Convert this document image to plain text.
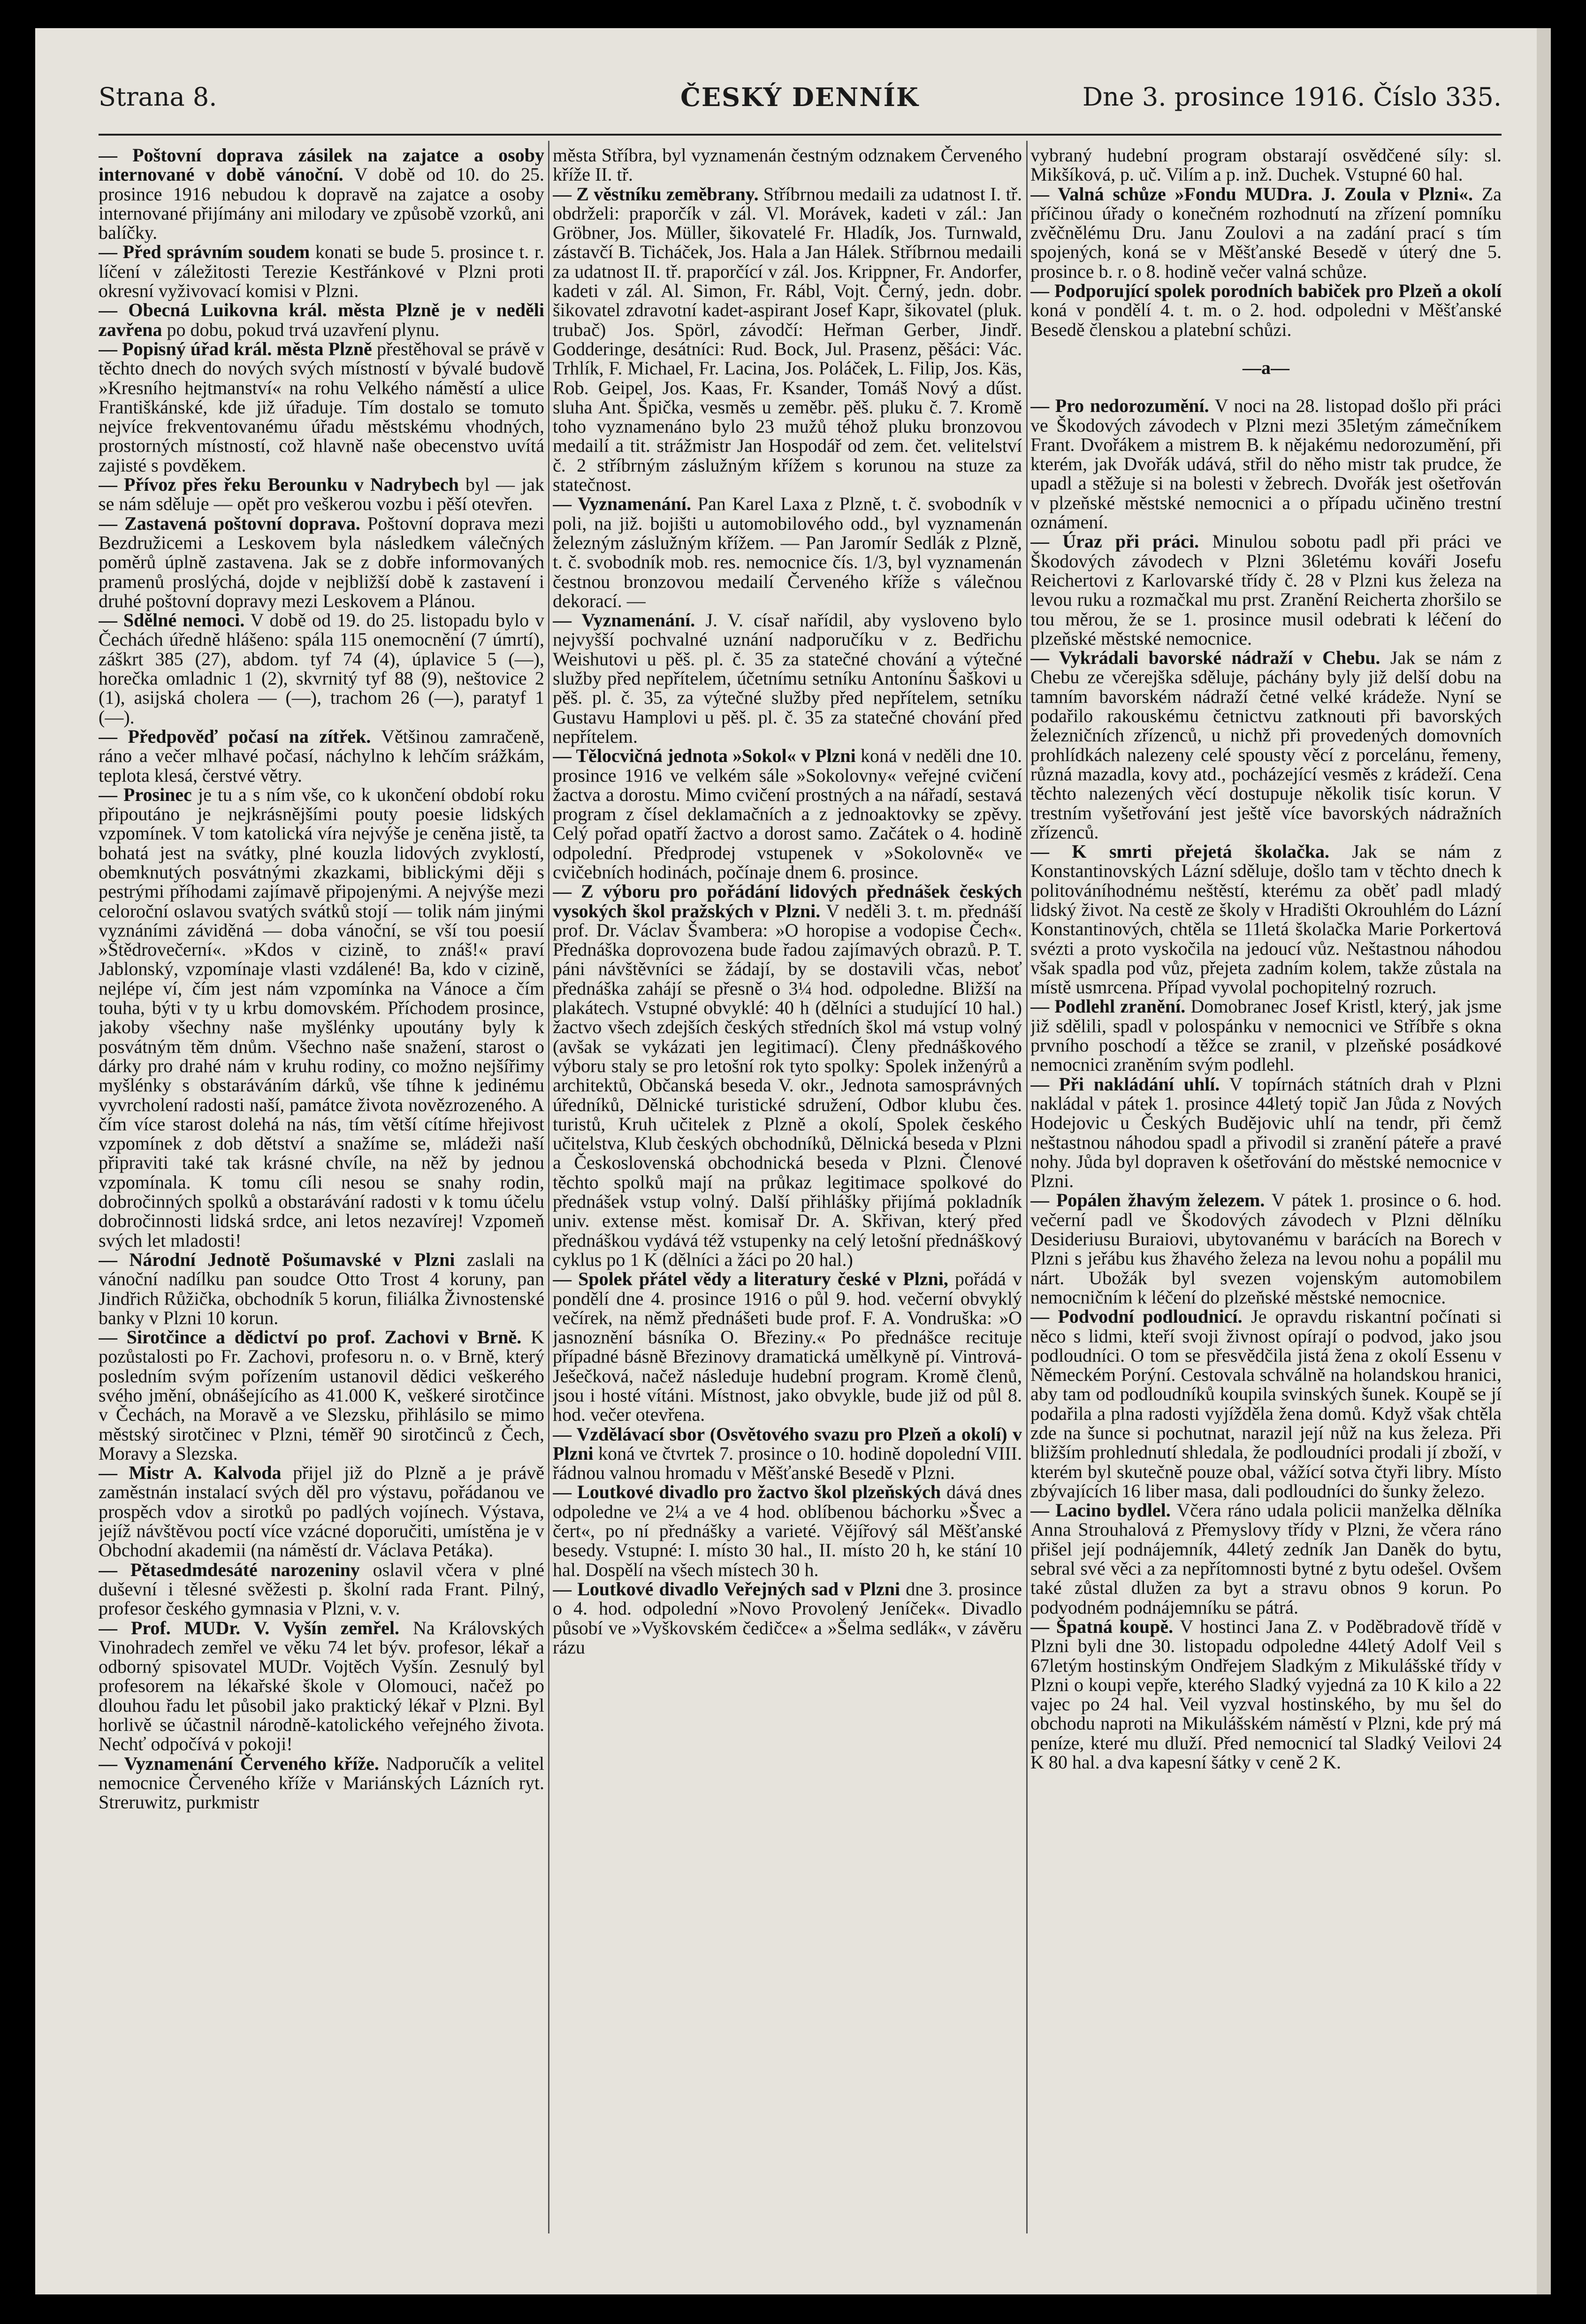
Strana 8.	ČESKÝ DENNÍK	Dne 3. prosince 1916. Číslo 335.

— Poštovní doprava zásilek na zajatce a osoby internované v době vánoční. V době od 10. do 25. prosince 1916 nebudou k dopravě na zajatce a osoby internované přijímány ani milodary ve způsobě vzorků, ani balíčky.

— Před správním soudem konati se bude 5. prosince t. r. líčení v záležitosti Terezie Kestřánkové v Plzni proti okresní vyživovací komisi v Plzni.

— Obecná Luikovna král. města Plzně je v neděli zavřena po dobu, pokud trvá uzavření plynu.

— Popisný úřad král. města Plzně přestěhoval se právě v těchto dnech do nových svých místností v bývalé budově »Kresního hejtmanství« na rohu Velkého náměstí a ulice Františkánské, kde již úřaduje. Tím dostalo se tomuto nejvíce frekventovanému úřadu městskému vhodných, prostorných místností, což hlavně naše obecenstvo uvítá zajisté s povděkem.

— Přívoz přes řeku Berounku v Nadrybech byl — jak se nám sděluje — opět pro veškerou vozbu i pěší otevřen.

— Zastavená poštovní doprava. Poštovní doprava mezi Bezdružicemi a Leskovem byla následkem válečných poměrů úplně zastavena. Jak se z dobře informovaných pramenů proslýchá, dojde v nejbližší době k zastavení i druhé poštovní dopravy mezi Leskovem a Plánou.

— Sdělné nemoci. V době od 19. do 25. listopadu bylo v Čechách úředně hlášeno: spála 115 onemocnění (7 úmrtí), záškrt 385 (27), abdom. tyf 74 (4), úplavice 5 (—), horečka omladnic 1 (2), skvrnitý tyf 88 (9), neštovice 2 (1), asijská cholera — (—), trachom 26 (—), paratyf 1 (—).

— Předpověď počasí na zítřek. Většinou zamračeně, ráno a večer mlhavé počasí, náchylno k lehčím srážkám, teplota klesá, čerstvé větry.

— Prosinec je tu a s ním vše, co k ukončení období roku připoutáno je nejkrásnějšími pouty poesie lidských vzpomínek. V tom katolická víra nejvýše je ceněna jistě, ta bohatá jest na svátky, plné kouzla lidových zvyklostí, obemknutých posvátnými zkazkami, biblickými ději s pestrými příhodami zajímavě připojenými. A nejvýše mezi celoroční oslavou svatých svátků stojí — tolik nám jinými vyznáními záviděná — doba vánoční, se vší tou poesií »Štědrovečerní«. »Kdos v cizině, to znáš!« praví Jablonský, vzpomínaje vlasti vzdálené! Ba, kdo v cizině, nejlépe ví, čím jest nám vzpomínka na Vánoce a čím touha, býti v ty u krbu domovském. Příchodem prosince, jakoby všechny naše myšlénky upoutány byly k posvátným těm dnům. Všechno naše snažení, starost o dárky pro drahé nám v kruhu rodiny, co možno nejšířimy myšlénky s obstaráváním dárků, vše tíhne k jedinému vyvrcholení radosti naší, památce života novězrozeného. A čím více starost dolehá na nás, tím větší cítíme hřejivost vzpomínek z dob dětství a snažíme se, mládeži naší připraviti také tak krásné chvíle, na něž by jednou vzpomínala. K tomu cíli nesou se snahy rodin, dobročinných spolků a obstarávání radosti v k tomu účelu dobročinnosti lidská srdce, ani letos nezavírej! Vzpomeň svých let mladosti!

— Národní Jednotě Pošumavské v Plzni zaslali na vánoční nadílku pan soudce Otto Trost 4 koruny, pan Jindřich Růžička, obchodník 5 korun, filiálka Živnostenské banky v Plzni 10 korun.

— Sirotčince a dědictví po prof. Zachovi v Brně. K pozůstalosti po Fr. Zachovi, profesoru n. o. v Brně, který posledním svým pořízením ustanovil dědici veškerého svého jmění, obnášejícího as 41.000 K, veškeré sirotčince v Čechách, na Moravě a ve Slezsku, přihlásilo se mimo městský sirotčinec v Plzni, téměř 90 sirotčinců z Čech, Moravy a Slezska.

— Mistr A. Kalvoda přijel již do Plzně a je právě zaměstnán instalací svých děl pro výstavu, pořádanou ve prospěch vdov a sirotků po padlých vojínech. Výstava, jejíž návštěvou poctí více vzácné doporučiti, umístěna je v Obchodní akademii (na náměstí dr. Václava Petáka).

— Pětasedmdesáté narozeniny oslavil včera v plné duševní i tělesné svěžesti p. školní rada Frant. Pilný, profesor českého gymnasia v Plzni, v. v.

— Prof. MUDr. V. Vyšín zemřel. Na Královských Vinohradech zemřel ve věku 74 let býv. profesor, lékař a odborný spisovatel MUDr. Vojtěch Vyšín. Zesnulý byl profesorem na lékařské škole v Olomouci, načež po dlouhou řadu let působil jako praktický lékař v Plzni. Byl horlivě se účastnil národně-katolického veřejného života. Nechť odpočívá v pokoji!

— Vyznamenání Červeného kříže. Nadporučík a velitel nemocnice Červeného kříže v Mariánských Lázních ryt. Streruwitz, purkmistr

města Stříbra, byl vyznamenán čestným odznakem Červeného kříže II. tř.

— Z věstníku zeměbrany. Stříbrnou medaili za udatnost I. tř. obdrželi: praporčík v zál. Vl. Morávek, kadeti v zál.: Jan Gröbner, Jos. Müller, šikovatelé Fr. Hladík, Jos. Turnwald, zástavčí B. Ticháček, Jos. Hala a Jan Hálek. Stříbrnou medaili za udatnost II. tř. praporčící v zál. Jos. Krippner, Fr. Andorfer, kadeti v zál. Al. Simon, Fr. Rábl, Vojt. Černý, jedn. dobr. šikovatel zdravotní kadet-aspirant Josef Kapr, šikovatel (pluk. trubač) Jos. Spörl, závodčí: Heřman Gerber, Jindř. Godderinge, desátníci: Rud. Bock, Jul. Prasenz, pěšáci: Vác. Trhlík, F. Michael, Fr. Lacina, Jos. Poláček, L. Filip, Jos. Käs, Rob. Geipel, Jos. Kaas, Fr. Ksander, Tomáš Nový a dűst. sluha Ant. Špička, vesměs u zeměbr. pěš. pluku č. 7. Kromě toho vyznamenáno bylo 23 mužů téhož pluku bronzovou medailí a tit. strážmistr Jan Hospodář od zem. čet. velitelství č. 2 stříbrným záslužným křížem s korunou na stuze za statečnost.

— Vyznamenání. Pan Karel Laxa z Plzně, t. č. svobodník v poli, na již. bojišti u automobilového odd., byl vyznamenán železným záslužným křížem. — Pan Jaromír Sedlák z Plzně, t. č. svobodník mob. res. nemocnice čís. 1/3, byl vyznamenán čestnou bronzovou medailí Červeného kříže s válečnou dekorací. —

— Vyznamenání. J. V. císař nařídil, aby vysloveno bylo nejvyšší pochvalné uznání nadporučíku v z. Bedřichu Weishutovi u pěš. pl. č. 35 za statečné chování a výtečné služby před nepřítelem, účetnímu setníku Antonínu Šaškovi u pěš. pl. č. 35, za výtečné služby před nepřítelem, setníku Gustavu Hamplovi u pěš. pl. č. 35 za statečné chování před nepřítelem.

— Tělocvičná jednota »Sokol« v Plzni koná v neděli dne 10. prosince 1916 ve velkém sále »Sokolovny« veřejné cvičení žactva a dorostu. Mimo cvičení prostných a na nářadí, sestavá program z čísel deklamačních a z jednoaktovky se zpěvy. Celý pořad opatří žactvo a dorost samo. Začátek o 4. hodině odpolední. Předprodej vstupenek v »Sokolovně« ve cvičebních hodinách, počínaje dnem 6. prosince.

— Z výboru pro pořádání lidových přednášek českých vysokých škol pražských v Plzni. V neděli 3. t. m. přednáší prof. Dr. Václav Švambera: »O horopise a vodopise Čech«. Přednáška doprovozena bude řadou zajímavých obrazů. P. T. páni návštěvníci se žádají, by se dostavili včas, neboť přednáška zahájí se přesně o 3¼ hod. odpoledne. Bližší na plakátech. Vstupné obvyklé: 40 h (dělníci a studující 10 hal.) žactvo všech zdejších českých středních škol má vstup volný (avšak se vykázati jen legitimací). Členy přednáškového výboru staly se pro letošní rok tyto spolky: Spolek inženýrů a architektů, Občanská beseda V. okr., Jednota samosprávných úředníků, Dělnické turistické sdružení, Odbor klubu čes. turistů, Kruh učitelek z Plzně a okolí, Spolek českého učitelstva, Klub českých obchodníků, Dělnická beseda v Plzni a Československá obchodnická beseda v Plzni. Členové těchto spolků mají na průkaz legitimace spolkové do přednášek vstup volný. Další přihlášky přijímá pokladník univ. extense měst. komisař Dr. A. Skřivan, který před přednáškou vydává též vstupenky na celý letošní přednáškový cyklus po 1 K (dělníci a žáci po 20 hal.)

— Spolek přátel vědy a literatury české v Plzni, pořádá v pondělí dne 4. prosince 1916 o půl 9. hod. večerní obvyklý večírek, na němž přednášeti bude prof. F. A. Vondruška: »O jasnoznění básníka O. Březiny.« Po přednášce recituje případné básně Březinovy dramatická umělkyně pí. Vintrová-Ješečková, načež následuje hudební program. Kromě členů, jsou i hosté vítáni. Místnost, jako obvykle, bude již od půl 8. hod. večer otevřena.

— Vzdělávací sbor (Osvětového svazu pro Plzeň a okolí) v Plzni koná ve čtvrtek 7. prosince o 10. hodině dopolední VIII. řádnou valnou hromadu v Měšťanské Besedě v Plzni.

— Loutkové divadlo pro žactvo škol plzeňských dává dnes odpoledne ve 2¼ a ve 4 hod. oblíbenou báchorku »Švec a čert«, po ní přednášky a varieté. Vějířový sál Měšťanské besedy. Vstupné: I. místo 30 hal., II. místo 20 h, ke stání 10 hal. Dospělí na všech místech 30 h.

— Loutkové divadlo Veřejných sad v Plzni dne 3. prosince o 4. hod. odpolední »Novo Provolený Jeníček«. Divadlo působí ve »Vyškovském čedičce« a »Šelma sedlák«, v závěru rázu

vybraný hudební program obstarají osvědčené síly: sl. Mikšíková, p. uč. Vilím a p. inž. Duchek. Vstupné 60 hal.

— Valná schůze »Fondu MUDra. J. Zoula v Plzni«. Za příčinou úřady o konečném rozhodnutí na zřízení pomníku zvěčnělému Dru. Janu Zoulovi a na zadání prací s tím spojených, koná se v Měšťanské Besedě v úterý dne 5. prosince b. r. o 8. hodině večer valná schůze.

— Podporující spolek porodních babiček pro Plzeň a okolí koná v pondělí 4. t. m. o 2. hod. odpoledni v Měšťanské Besedě členskou a platební schůzi.

—a—

— Pro nedorozumění. V noci na 28. listopad došlo při práci ve Škodových závodech v Plzni mezi 35letým zámečníkem Frant. Dvořákem a mistrem B. k nějakému nedorozumění, při kterém, jak Dvořák udává, střil do něho mistr tak prudce, že upadl a stěžuje si na bolesti v žebrech. Dvořák jest ošetřován v plzeňské městské nemocnici a o případu učiněno trestní oznámení.

— Úraz při práci. Minulou sobotu padl při práci ve Škodových závodech v Plzni 36letému kováři Josefu Reichertovi z Karlovarské třídy č. 28 v Plzni kus železa na levou ruku a rozmačkal mu prst. Zranění Reicherta zhoršilo se tou měrou, že se 1. prosince musil odebrati k léčení do plzeňské městské nemocnice.

— Vykrádali bavorské nádraží v Chebu. Jak se nám z Chebu ze včerejška sděluje, páchány byly již delší dobu na tamním bavorském nádraží četné velké krádeže. Nyní se podařilo rakouskému četnictvu zatknouti při bavorských železničních zřízenců, u nichž při provedených domovních prohlídkách nalezeny celé spousty věcí z porcelánu, řemeny, různá mazadla, kovy atd., pocházející vesměs z krádeží. Cena těchto nalezených věcí dostupuje několik tisíc korun. V trestním vyšetřování jest ještě více bavorských nádražních zřízenců.

— K smrti přejetá školačka. Jak se nám z Konstantinovských Lázní sděluje, došlo tam v těchto dnech k politováníhodnému neštěstí, kterému za oběť padl mladý lidský život. Na cestě ze školy v Hradišti Okrouhlém do Lázní Konstantinových, chtěla se 11letá školačka Marie Porkertová svézti a proto vyskočila na jedoucí vůz. Neštastnou náhodou však spadla pod vůz, přejeta zadním kolem, takže zůstala na místě usmrcena. Případ vyvolal pochopitelný rozruch.

— Podlehl zranění. Domobranec Josef Kristl, který, jak jsme již sdělili, spadl v polospánku v nemocnici ve Stříbře s okna prvního poschodí a těžce se zranil, v plzeňské posádkové nemocnici zraněním svým podlehl.

— Při nakládání uhlí. V topírnách státních drah v Plzni nakládal v pátek 1. prosince 44letý topič Jan Jůda z Nových Hodejovic u Českých Budějovic uhlí na tendr, při čemž neštastnou náhodou spadl a přivodil si zranění páteře a pravé nohy. Jůda byl dopraven k ošetřování do městské nemocnice v Plzni.

— Popálen žhavým železem. V pátek 1. prosince o 6. hod. večerní padl ve Škodových závodech v Plzni dělníku Desideriusu Buraiovi, ubytovanému v barácích na Borech v Plzni s jeřábu kus žhavého železa na levou nohu a popálil mu nárt. Ubožák byl svezen vojenským automobilem nemocničním k léčení do plzeňské městské nemocnice.

— Podvodní podloudnicí. Je opravdu riskantní počínati si něco s lidmi, kteří svoji živnost opírají o podvod, jako jsou podloudníci. O tom se přesvědčila jistá žena z okolí Essenu v Německém Porýní. Cestovala schválně na holandskou hranici, aby tam od podloudníků koupila svinských šunek. Koupě se jí podařila a plna radosti vyjížděla žena domů. Když však chtěla zde na šunce si pochutnat, narazil její nůž na kus železa. Při bližším prohlednutí shledala, že podloudníci prodali jí zboží, v kterém byl skutečně pouze obal, vážící sotva čtyři libry. Místo zbývajících 16 liber masa, dali podloudníci do šunky železo.

— Lacino bydlel. Včera ráno udala policii manželka dělníka Anna Strouhalová z Přemyslovy třídy v Plzni, že včera ráno přišel její podnájemník, 44letý zedník Jan Daněk do bytu, sebral své věci a za nepřítomnosti bytné z bytu odešel. Ovšem také zůstal dlužen za byt a stravu obnos 9 korun. Po podvodném podnájemníku se pátrá.

— Špatná koupě. V hostinci Jana Z. v Poděbradově třídě v Plzni byli dne 30. listopadu odpoledne 44letý Adolf Veil s 67letým hostinským Ondřejem Sladkým z Mikulášské třídy v Plzni o koupi vepře, kterého Sladký vyjedná za 10 K kilo a 22 vajec po 24 hal. Veil vyzval hostinského, by mu šel do obchodu naproti na Mikulášském náměstí v Plzni, kde prý má peníze, které mu dluží. Před nemocnicí tal Sladký Veilovi 24 K 80 hal. a dva kapesní šátky v ceně 2 K.
